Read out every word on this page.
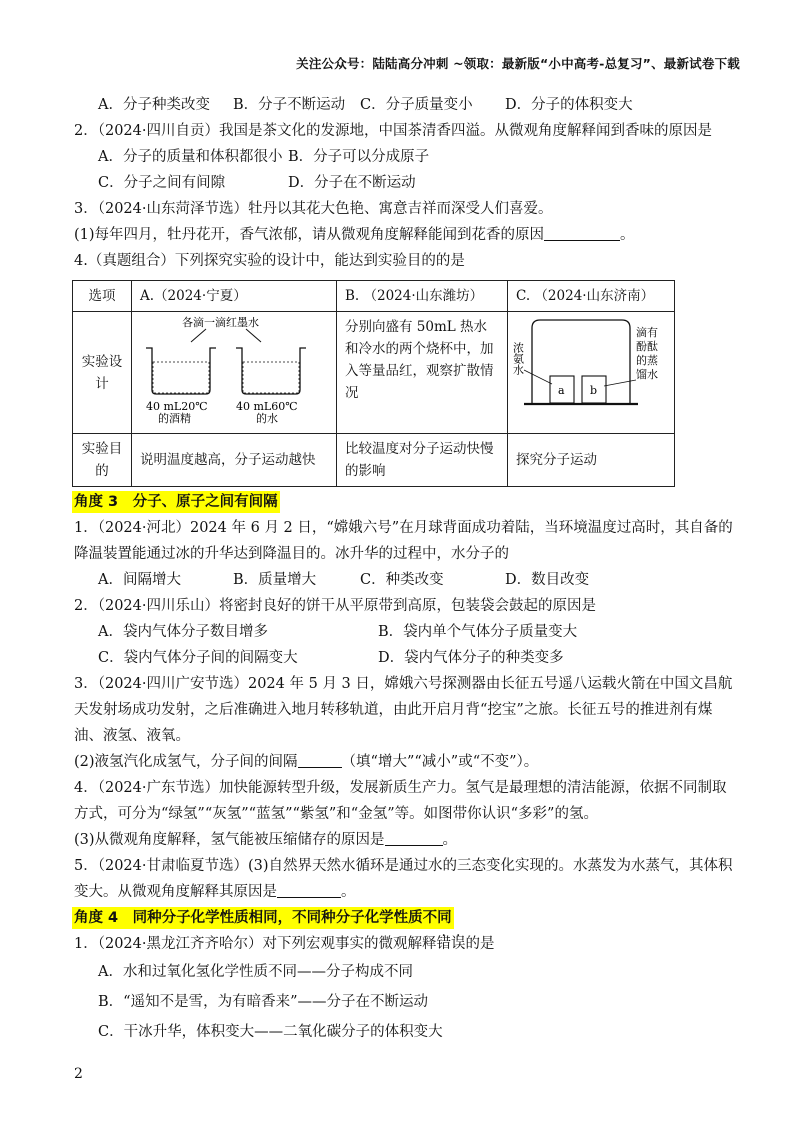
关注公众号：陆陆高分冲刺 ~领取：最新版“小中高考-总复习”、最新试卷下载
A．分子种类改变	B．分子不断运动	C．分子质量变小	D．分子的体积变大
2．（2024·四川自贡）我国是茶文化的发源地，中国茶清香四溢。从微观角度解释闻到香味的原因是
A．分子的质量和体积都很小 B．分子可以分成原子
C．分子之间有间隙	D．分子在不断运动
3．（2024·山东菏泽节选）牡丹以其花大色艳、寓意吉祥而深受人们喜爱。
(1)每年四月，牡丹花开，香气浓郁，请从微观角度解释能闻到花香的原因	。
4.（真题组合）下列探究实验的设计中，能达到实验目的的是
选项	A.（2024·宁夏）	B. （2024·山东潍坊）	C. （2024·山东济南）
实验设计	各滴一滴红墨水
40 mL20℃
的酒精
40 mL60℃
的水	分别向盛有 50mL 热水和冷水的两个烧杯中，加入等量品红，观察扩散情况	a b
浓氨水
滴有酚酞的蒸馏水

实验目的	说明温度越高，分子运动越快	比较温度对分子运动快慢的影响	探究分子运动
角度 3　分子、原子之间有间隔
1．（2024·河北）2024 年 6 月 2 日，“嫦娥六号”在月球背面成功着陆，当环境温度过高时，其自备的降温装置能通过冰的升华达到降温目的。冰升华的过程中，水分子的
A．间隔增大	B．质量增大	C．种类改变	D．数目改变
2．（2024·四川乐山）将密封良好的饼干从平原带到高原，包装袋会鼓起的原因是
A．袋内气体分子数目增多	B．袋内单个气体分子质量变大
C．袋内气体分子间的间隔变大	D．袋内气体分子的种类变多
3．（2024·四川广安节选）2024 年 5 月 3 日，嫦娥六号探测器由长征五号遥八运载火箭在中国文昌航天发射场成功发射，之后准确进入地月转移轨道，由此开启月背“挖宝”之旅。长征五号的推进剂有煤油、液氢、液氧。
(2)液氢汽化成氢气，分子间的间隔	（填“增大”“减小”或“不变”）。
4．（2024·广东节选）加快能源转型升级，发展新质生产力。氢气是最理想的清洁能源，依据不同制取方式，可分为“绿氢”“灰氢”“蓝氢”“紫氢”和“金氢”等。如图带你认识“多彩”的氢。
(3)从微观角度解释，氢气能被压缩储存的原因是	。
5．（2024·甘肃临夏节选）(3)自然界天然水循环是通过水的三态变化实现的。水蒸发为水蒸气，其体积变大。从微观角度解释其原因是	。
角度 4　同种分子化学性质相同，不同种分子化学性质不同
1．（2024·黑龙江齐齐哈尔）对下列宏观事实的微观解释错误的是
A．水和过氧化氢化学性质不同——分子构成不同
B．“遥知不是雪，为有暗香来”——分子在不断运动
C．干冰升华，体积变大——二氧化碳分子的体积变大
2
